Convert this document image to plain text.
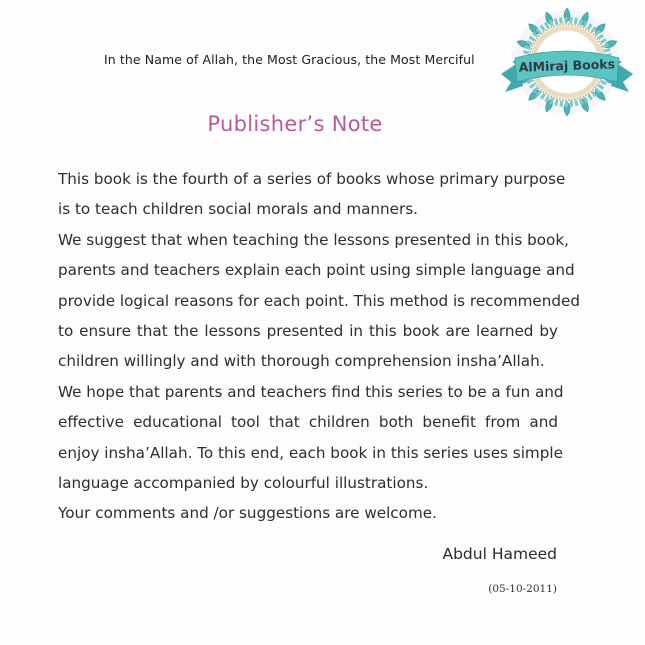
In the Name of Allah, the Most Gracious, the Most Merciful	AlMiraj Books
Publisher’s Note
This book is the fourth of a series of books whose primary purpose
is to teach children social morals and manners.
We suggest that when teaching the lessons presented in this book,
parents and teachers explain each point using simple language and
provide logical reasons for each point. This method is recommended
to ensure that the lessons presented in this book are learned by
children willingly and with thorough comprehension insha’Allah.
We hope that parents and teachers find this series to be a fun and
effective educational tool that children both benefit from and
enjoy insha’Allah. To this end, each book in this series uses simple
language accompanied by colourful illustrations.
Your comments and /or suggestions are welcome.
Abdul Hameed
(05-10-2011)
